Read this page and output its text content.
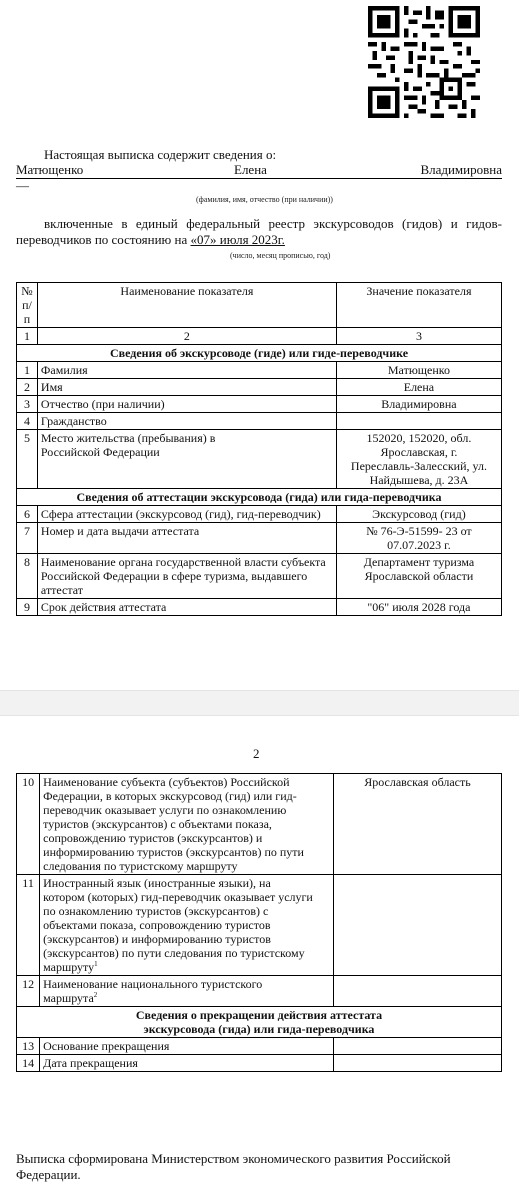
Настоящая выписка содержит сведения о:
Матющенко	Елена	Владимировна
—
(фамилия, имя, отчество (при наличии))
включенные в единый федеральный реестр экскурсоводов (гидов) и гидов-переводчиков по состоянию на «07» июля 2023г.
(число, месяц прописью, год)
№ п/п	Наименование показателя	Значение показателя
1	2	3
Сведения об экскурсоводе (гиде) или гиде-переводчике		
1	Фамилия	Матющенко
2	Имя	Елена
3	Отчество (при наличии)	Владимировна
4	Гражданство	
5	Место жительства (пребывания) в Российской Федерации	152020, 152020, обл. Ярославская, г. Переславль-Залесский, ул. Найдышева, д. 23А
Сведения об аттестации экскурсовода (гида) или гида-переводчика		
6	Сфера аттестации (экскурсовод (гид), гид-переводчик)	Экскурсовод (гид)
7	Номер и дата выдачи аттестата	№ 76-Э-51599- 23 от 07.07.2023 г.
8	Наименование органа государственной власти субъекта Российской Федерации в сфере туризма, выдавшего аттестат	Департамент туризма Ярославской области
9	Срок действия аттестата	"06" июля 2028 года
2
10	Наименование субъекта (субъектов) Российской Федерации, в которых экскурсовод (гид) или гид-переводчик оказывает услуги по ознакомлению туристов (экскурсантов) с объектами показа, сопровождению туристов (экскурсантов) и информированию туристов (экскурсантов) по пути следования по туристскому маршруту	Ярославская область
11	Иностранный язык (иностранные языки), на котором (которых) гид-переводчик оказывает услуги по ознакомлению туристов (экскурсантов) с объектами показа, сопровождению туристов (экскурсантов) и информированию туристов (экскурсантов) по пути следования по туристскому маршруту$^1$	
12	Наименование национального туристского маршрута$^2$	
Сведения о прекращении действия аттестата
экскурсовода (гида) или гида-переводчика		
13	Основание прекращения	
14	Дата прекращения	
Выписка сформирована Министерством экономического развития Российской Федерации.
